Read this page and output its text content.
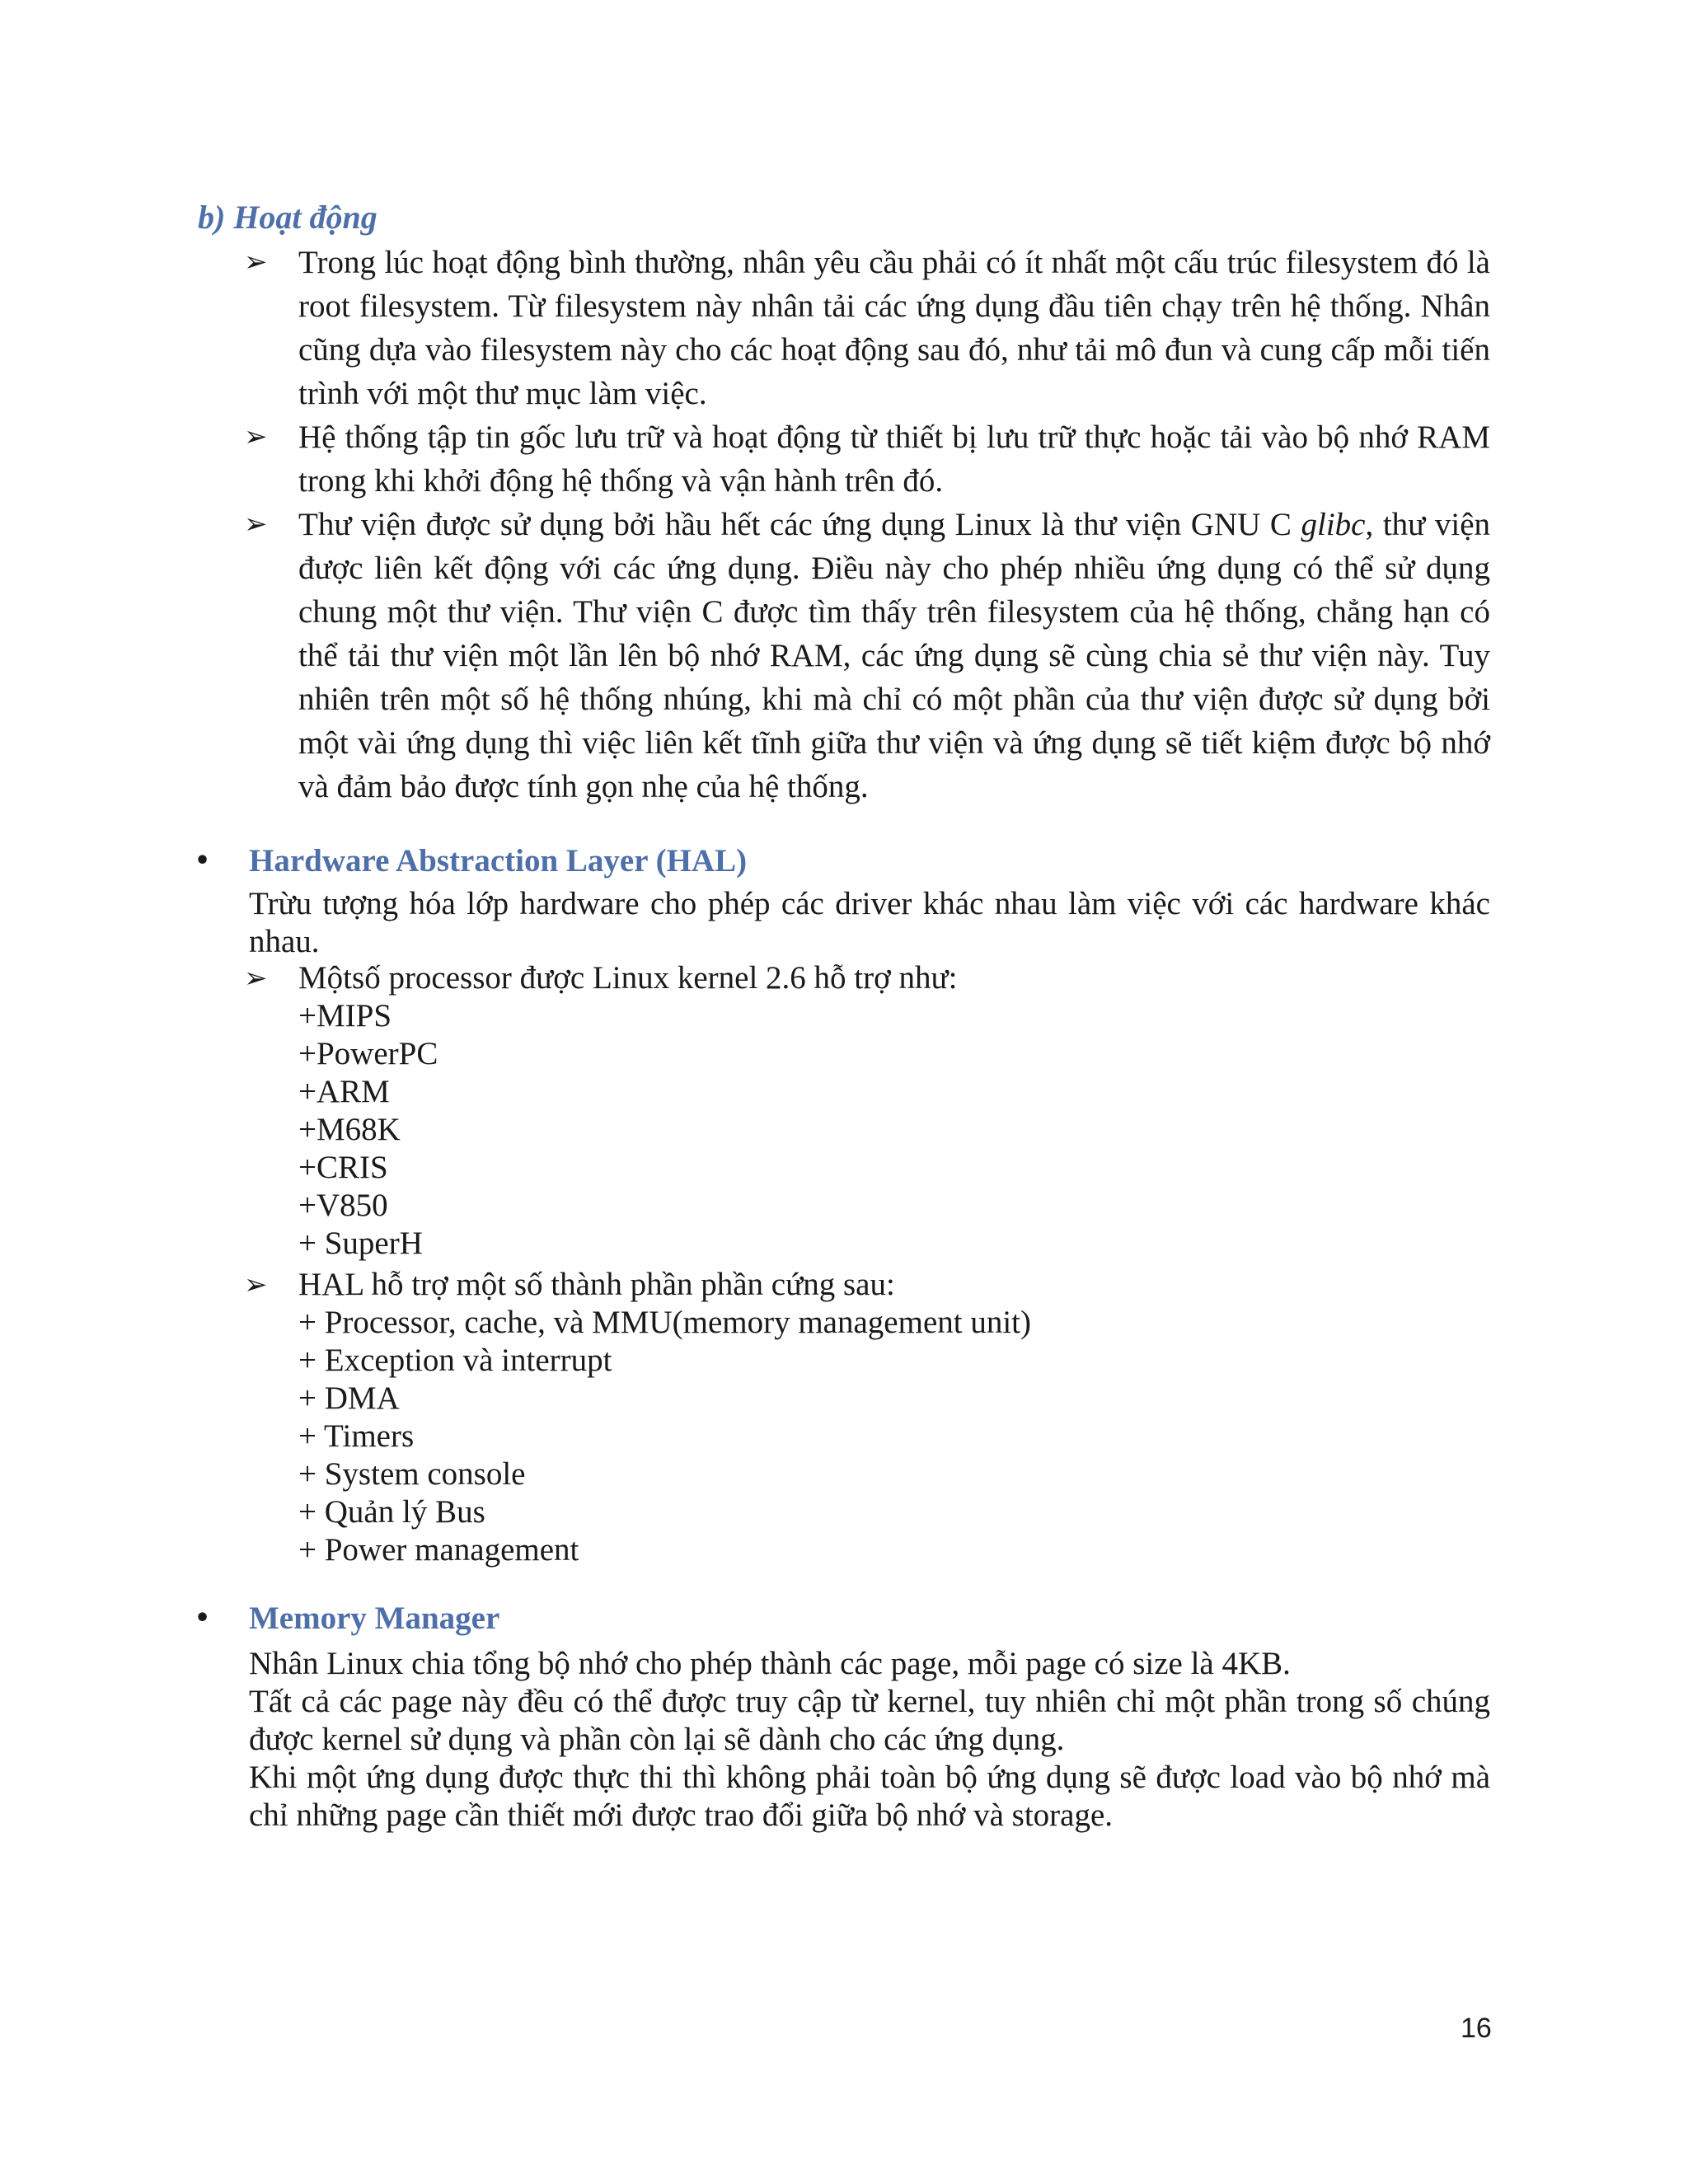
b) Hoạt động
➢ Trong lúc hoạt động bình thường, nhân yêu cầu phải có ít nhất một cấu trúc filesystem đó là root filesystem. Từ filesystem này nhân tải các ứng dụng đầu tiên chạy trên hệ thống. Nhân cũng dựa vào filesystem này cho các hoạt động sau đó, như tải mô đun và cung cấp mỗi tiến trình với một thư mục làm việc.
➢ Hệ thống tập tin gốc lưu trữ và hoạt động từ thiết bị lưu trữ thực hoặc tải vào bộ nhớ RAM trong khi khởi động hệ thống và vận hành trên đó.
➢ Thư viện được sử dụng bởi hầu hết các ứng dụng Linux là thư viện GNU C glibc, thư viện được liên kết động với các ứng dụng. Điều này cho phép nhiều ứng dụng có thể sử dụng chung một thư viện. Thư viện C được tìm thấy trên filesystem của hệ thống, chẳng hạn có thể tải thư viện một lần lên bộ nhớ RAM, các ứng dụng sẽ cùng chia sẻ thư viện này. Tuy nhiên trên một số hệ thống nhúng, khi mà chỉ có một phần của thư viện được sử dụng bởi một vài ứng dụng thì việc liên kết tĩnh giữa thư viện và ứng dụng sẽ tiết kiệm được bộ nhớ và đảm bảo được tính gọn nhẹ của hệ thống.
• Hardware Abstraction Layer (HAL)
Trừu tượng hóa lớp hardware cho phép các driver khác nhau làm việc với các hardware khác nhau.
➢ Mộtsố processor được Linux kernel 2.6 hỗ trợ như:
+MIPS
+PowerPC
+ARM
+M68K
+CRIS
+V850
+ SuperH
➢ HAL hỗ trợ một số thành phần phần cứng sau:
+ Processor, cache, và MMU(memory management unit)
+ Exception và interrupt
+ DMA
+ Timers
+ System console
+ Quản lý Bus
+ Power management
• Memory Manager
Nhân Linux chia tổng bộ nhớ cho phép thành các page, mỗi page có size là 4KB.
Tất cả các page này đều có thể được truy cập từ kernel, tuy nhiên chỉ một phần trong số chúng được kernel sử dụng và phần còn lại sẽ dành cho các ứng dụng.
Khi một ứng dụng được thực thi thì không phải toàn bộ ứng dụng sẽ được load vào bộ nhớ mà chỉ những page cần thiết mới được trao đổi giữa bộ nhớ và storage.
16
